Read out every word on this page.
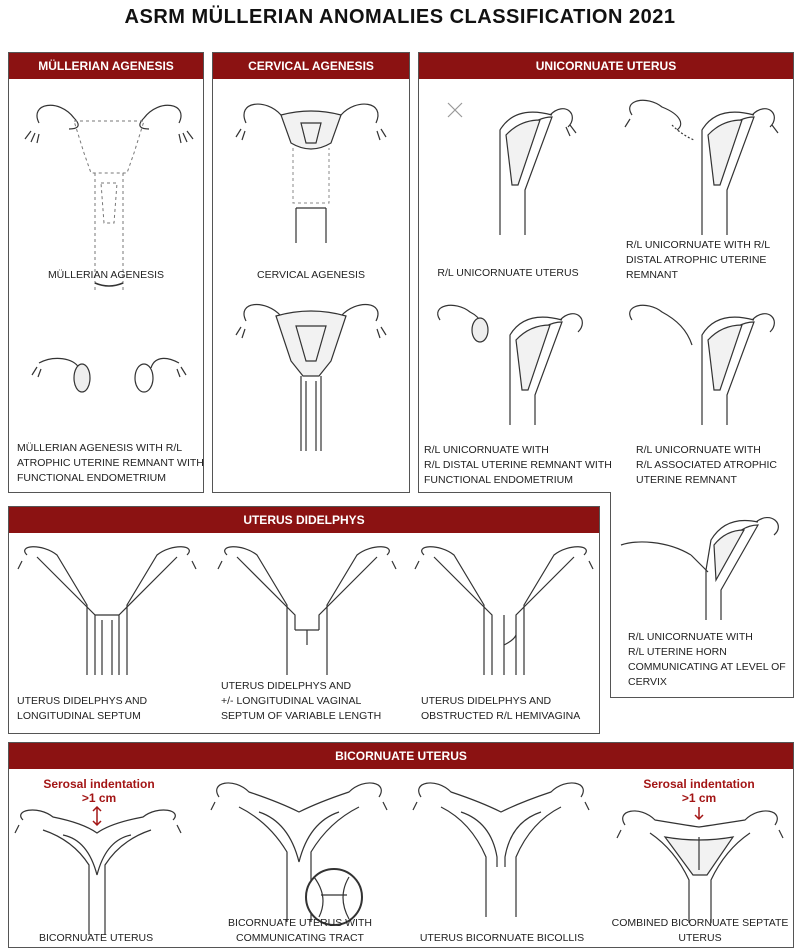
ASRM MÜLLERIAN ANOMALIES CLASSIFICATION 2021
MÜLLERIAN AGENESIS
MÜLLERIAN AGENESIS
MÜLLERIAN AGENESIS WITH R/L
ATROPHIC UTERINE REMNANT WITH
FUNCTIONAL ENDOMETRIUM
CERVICAL AGENESIS
CERVICAL AGENESIS
UNICORNUATE UTERUS
R/L UNICORNUATE UTERUS
R/L UNICORNUATE WITH R/L
DISTAL ATROPHIC UTERINE
REMNANT
R/L UNICORNUATE WITH
R/L DISTAL UTERINE REMNANT WITH
FUNCTIONAL ENDOMETRIUM
R/L UNICORNUATE WITH
R/L ASSOCIATED ATROPHIC
UTERINE REMNANT
R/L UNICORNUATE WITH
R/L UTERINE HORN
COMMUNICATING AT LEVEL OF
CERVIX
UTERUS DIDELPHYS
UTERUS DIDELPHYS AND
LONGITUDINAL SEPTUM
UTERUS DIDELPHYS AND
+/- LONGITUDINAL VAGINAL
SEPTUM OF VARIABLE LENGTH
UTERUS DIDELPHYS AND
OBSTRUCTED R/L HEMIVAGINA
BICORNUATE UTERUS
Serosal indentation
>1 cm
BICORNUATE UTERUS
BICORNUATE UTERUS WITH
COMMUNICATING TRACT	UTERUS BICORNUATE BICOLLIS
Serosal indentation
>1 cm
COMBINED BICORNUATE SEPTATE
UTERUS
